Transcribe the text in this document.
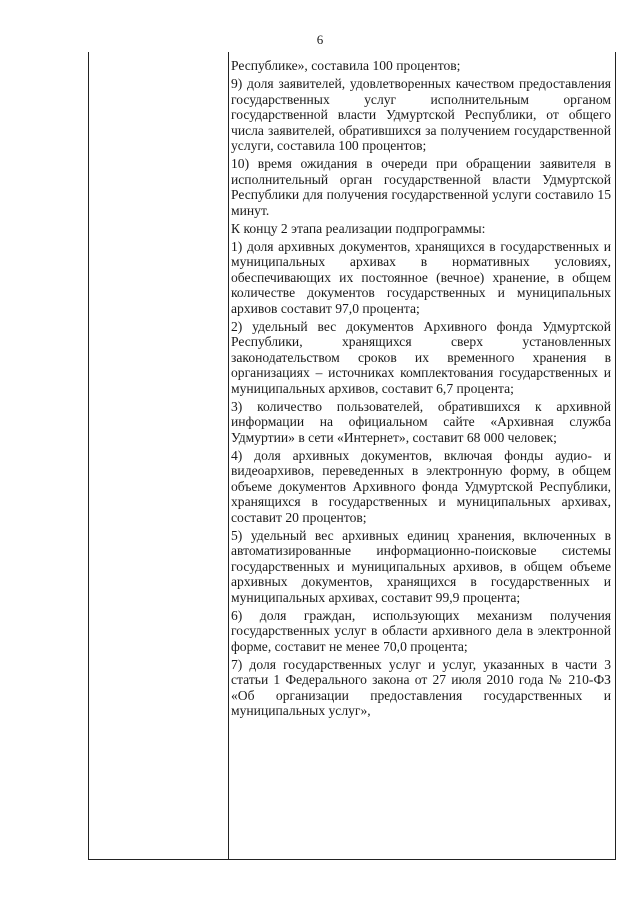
6

Республике», составила 100 процентов;

9) доля заявителей, удовлетворенных качеством предоставления государственных услуг исполнительным органом государственной власти Удмуртской Республики, от общего числа заявителей, обратившихся за получением государственной услуги, составила 100 процентов;

10) время ожидания в очереди при обращении заявителя в исполнительный орган государственной власти Удмуртской Республики для получения государственной услуги составило 15 минут.

К концу 2 этапа реализации подпрограммы:

1) доля архивных документов, хранящихся в государственных и муниципальных архивах в нормативных условиях, обеспечивающих их постоянное (вечное) хранение, в общем количестве документов государственных и муниципальных архивов составит 97,0 процента;

2) удельный вес документов Архивного фонда Удмуртской Республики, хранящихся сверх установленных законодательством сроков их временного хранения в организациях – источниках комплектования государственных и муниципальных архивов, составит 6,7 процента;

3) количество пользователей, обратившихся к архивной информации на официальном сайте «Архивная служба Удмуртии» в сети «Интернет», составит 68 000 человек;

4) доля архивных документов, включая фонды аудио- и видеоархивов, переведенных в электронную форму, в общем объеме документов Архивного фонда Удмуртской Республики, хранящихся в государственных и муниципальных архивах, составит 20 процентов;

5) удельный вес архивных единиц хранения, включенных в автоматизированные информационно-поисковые системы государственных и муниципальных архивов, в общем объеме архивных документов, хранящихся в государственных и муниципальных архивах, составит 99,9 процента;

6) доля граждан, использующих механизм получения государственных услуг в области архивного дела в электронной форме, составит не менее 70,0 процента;

7) доля государственных услуг и услуг, указанных в части 3 статьи 1 Федерального закона от 27 июля 2010 года № 210-ФЗ «Об организации предоставления государственных и муниципальных услуг»,
